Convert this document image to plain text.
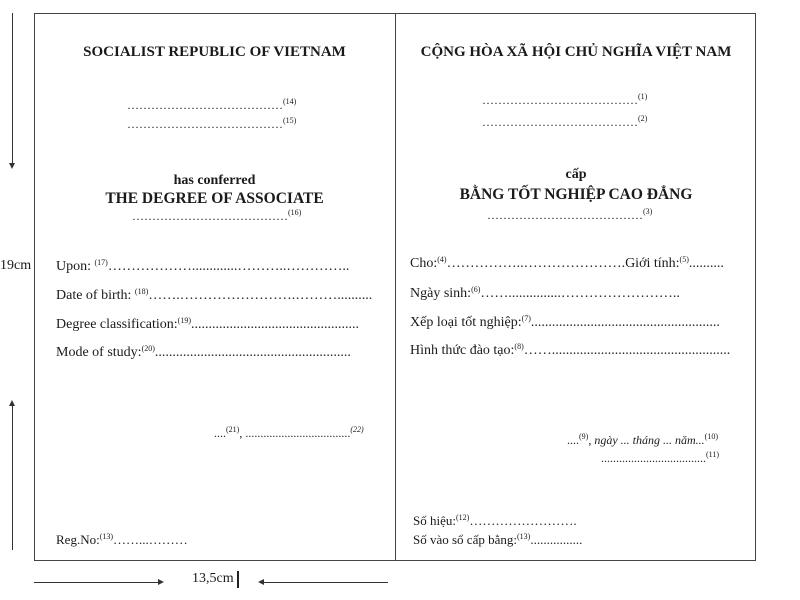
19cm
13,5cm
SOCIALIST REPUBLIC OF VIETNAM
…………………………………$^{(14)}$
…………………………………$^{(15)}$
has conferred
THE DEGREE OF ASSOCIATE
…………………………………$^{(16)}$
Upon: $^{(17)}$……………….............………..…………..
Date of birth: $^{(18)}$…….…………………….………..........
Degree classification:$^{(19)}$................................................
Mode of study:$^{(20)}$........................................................
....$^{(21)}$, ...................................$^{(22)}$
Reg.No:$^{(13)}$……...………
CỘNG HÒA XÃ HỘI CHỦ NGHĨA VIỆT NAM
…………………………………$^{(1)}$
…………………………………$^{(2)}$
cấp
BẰNG TỐT NGHIỆP CAO ĐẲNG
…………………………………$^{(3)}$
Cho:$^{(4)}$……………..………………….Giới tính:$^{(5)}$..........
Ngày sinh:$^{(6)}$……...............……………………..
Xếp loại tốt nghiệp:$^{(7)}$......................................................
Hình thức đào tạo:$^{(8)}$……...................................................
....$^{(9)}$, ngày ... tháng ... năm...$^{(10)}$
...................................$^{(11)}$
Số hiệu:$^{(12)}$…………………….
Số vào sổ cấp bằng:$^{(13)}$................
